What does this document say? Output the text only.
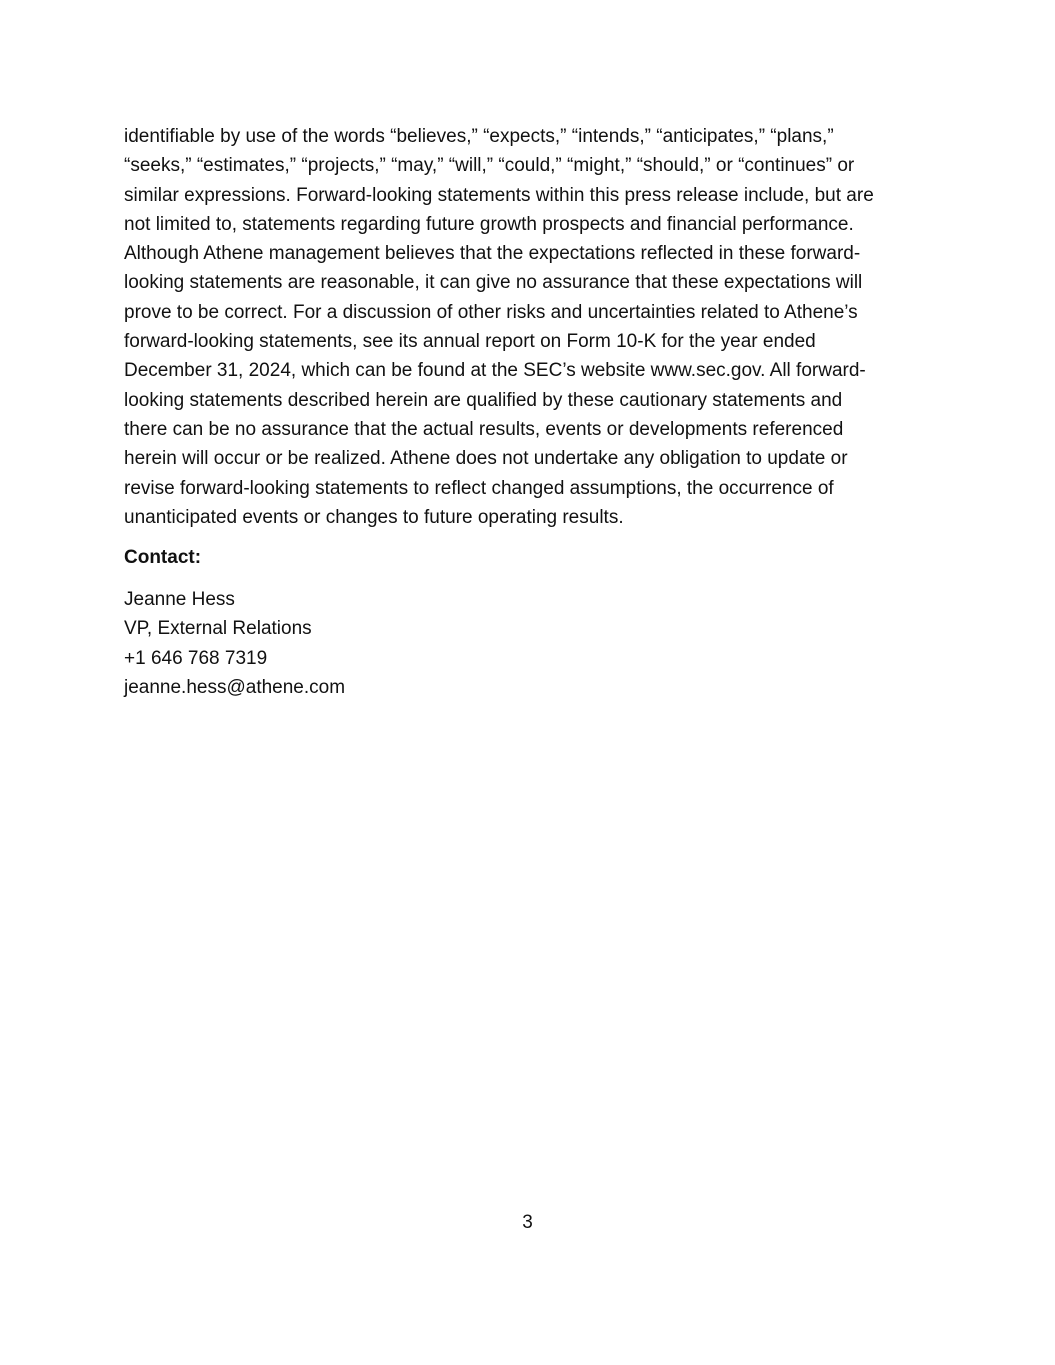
identifiable by use of the words “believes,” “expects,” “intends,” “anticipates,” “plans,”

“seeks,” “estimates,” “projects,” “may,” “will,” “could,” “might,” “should,” or “continues” or

similar expressions. Forward-looking statements within this press release include, but are

not limited to, statements regarding future growth prospects and financial performance.

Although Athene management believes that the expectations reflected in these forward-

looking statements are reasonable, it can give no assurance that these expectations will

prove to be correct. For a discussion of other risks and uncertainties related to Athene’s

forward-looking statements, see its annual report on Form 10-K for the year ended

December 31, 2024, which can be found at the SEC’s website www.sec.gov. All forward-

looking statements described herein are qualified by these cautionary statements and

there can be no assurance that the actual results, events or developments referenced

herein will occur or be realized. Athene does not undertake any obligation to update or

revise forward-looking statements to reflect changed assumptions, the occurrence of

unanticipated events or changes to future operating results.

Contact:

Jeanne Hess

VP, External Relations

+1 646 768 7319

jeanne.hess@athene.com

3
